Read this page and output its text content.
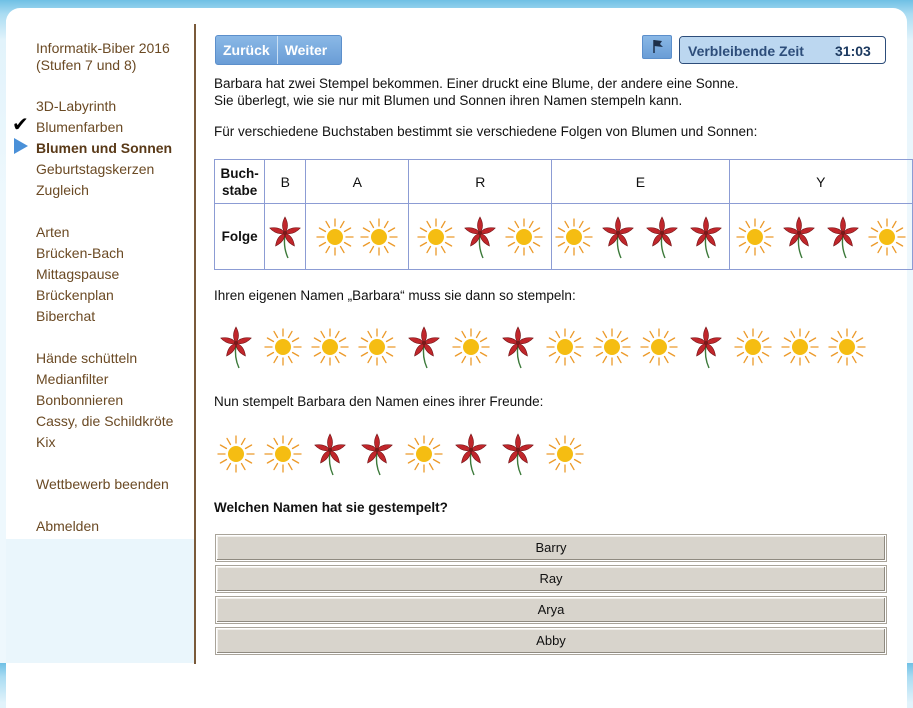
Informatik-Biber 2016
(Stufen 7 und 8)
3D-Labyrinth
✔ Blumenfarben
Blumen und Sonnen
Geburtstagskerzen
Zugleich
Arten
Brücken-Bach
Mittagspause
Brückenplan
Biberchat
Hände schütteln
Medianfilter
Bonbonnieren
Cassy, die Schildkröte
Kix
Wettbewerb beenden
Abmelden
Zurück	Weiter	Verbleibende Zeit 31:03
Barbara hat zwei Stempel bekommen. Einer druckt eine Blume, der andere eine Sonne.
Sie überlegt, wie sie nur mit Blumen und Sonnen ihren Namen stempeln kann.
Für verschiedene Buchstaben bestimmt sie verschiedene Folgen von Blumen und Sonnen:
Buch-
stabe	B	A	R	E	Y
Folge	

Ihren eigenen Namen „Barbara“ muss sie dann so stempeln:
Nun stempelt Barbara den Namen eines ihrer Freunde:
Welchen Namen hat sie gestempelt?
Barry
Ray
Arya
Abby
